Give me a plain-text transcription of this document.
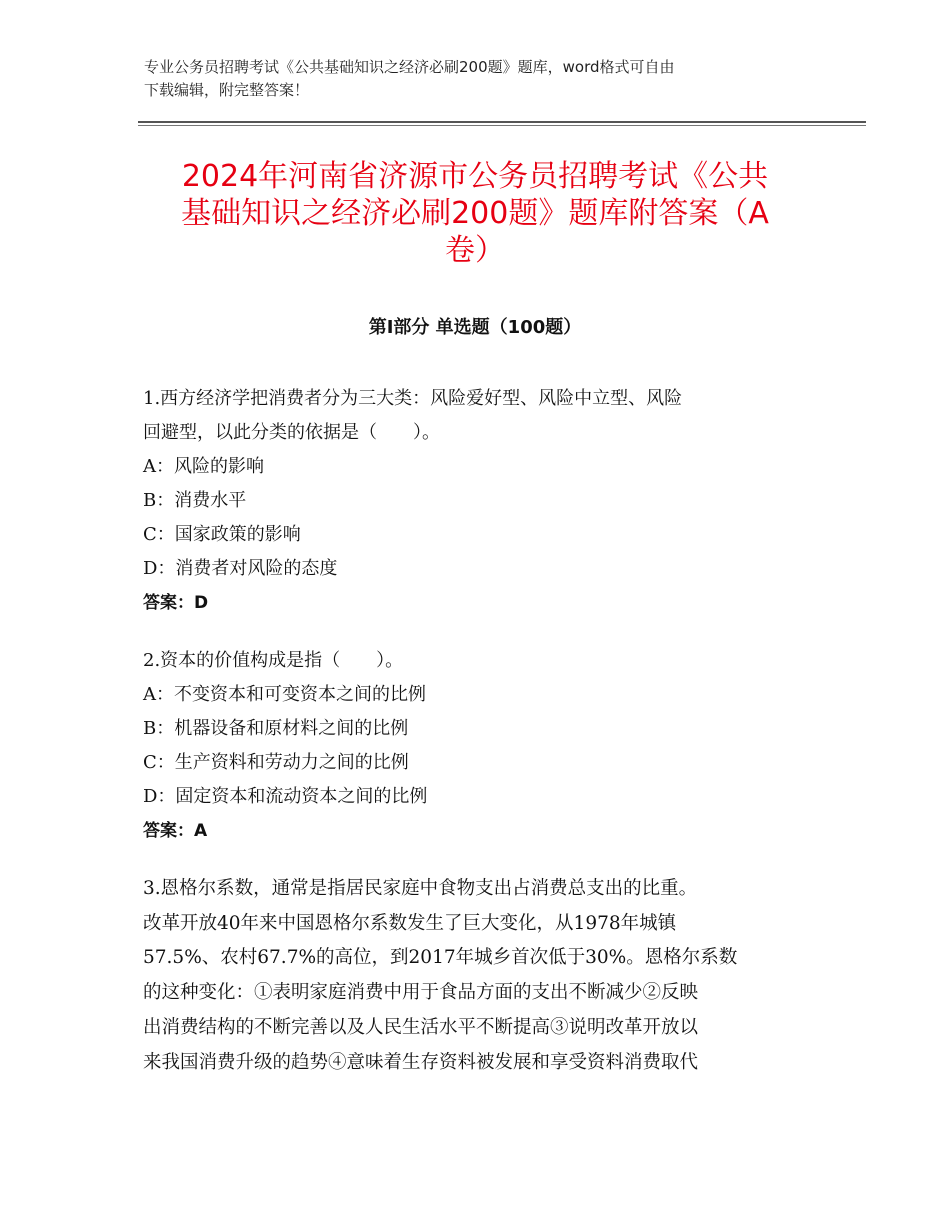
专业公务员招聘考试《公共基础知识之经济必刷200题》题库，word格式可自由
下载编辑，附完整答案！
2024年河南省济源市公务员招聘考试《公共
基础知识之经济必刷200题》题库附答案（A
卷）
第Ⅰ部分 单选题（100题）

1.西方经济学把消费者分为三大类：风险爱好型、风险中立型、风险
回避型，以此分类的依据是（　　）。

A：风险的影响

B：消费水平

C：国家政策的影响

D：消费者对风险的态度

答案：D

2.资本的价值构成是指（　　）。

A：不变资本和可变资本之间的比例

B：机器设备和原材料之间的比例

C：生产资料和劳动力之间的比例

D：固定资本和流动资本之间的比例

答案：A

3.恩格尔系数，通常是指居民家庭中食物支出占消费总支出的比重。
改革开放40年来中国恩格尔系数发生了巨大变化，从1978年城镇
57.5%、农村67.7%的高位，到2017年城乡首次低于30%。恩格尔系数
的这种变化：①表明家庭消费中用于食品方面的支出不断减少②反映
出消费结构的不断完善以及人民生活水平不断提高③说明改革开放以
来我国消费升级的趋势④意味着生存资料被发展和享受资料消费取代
